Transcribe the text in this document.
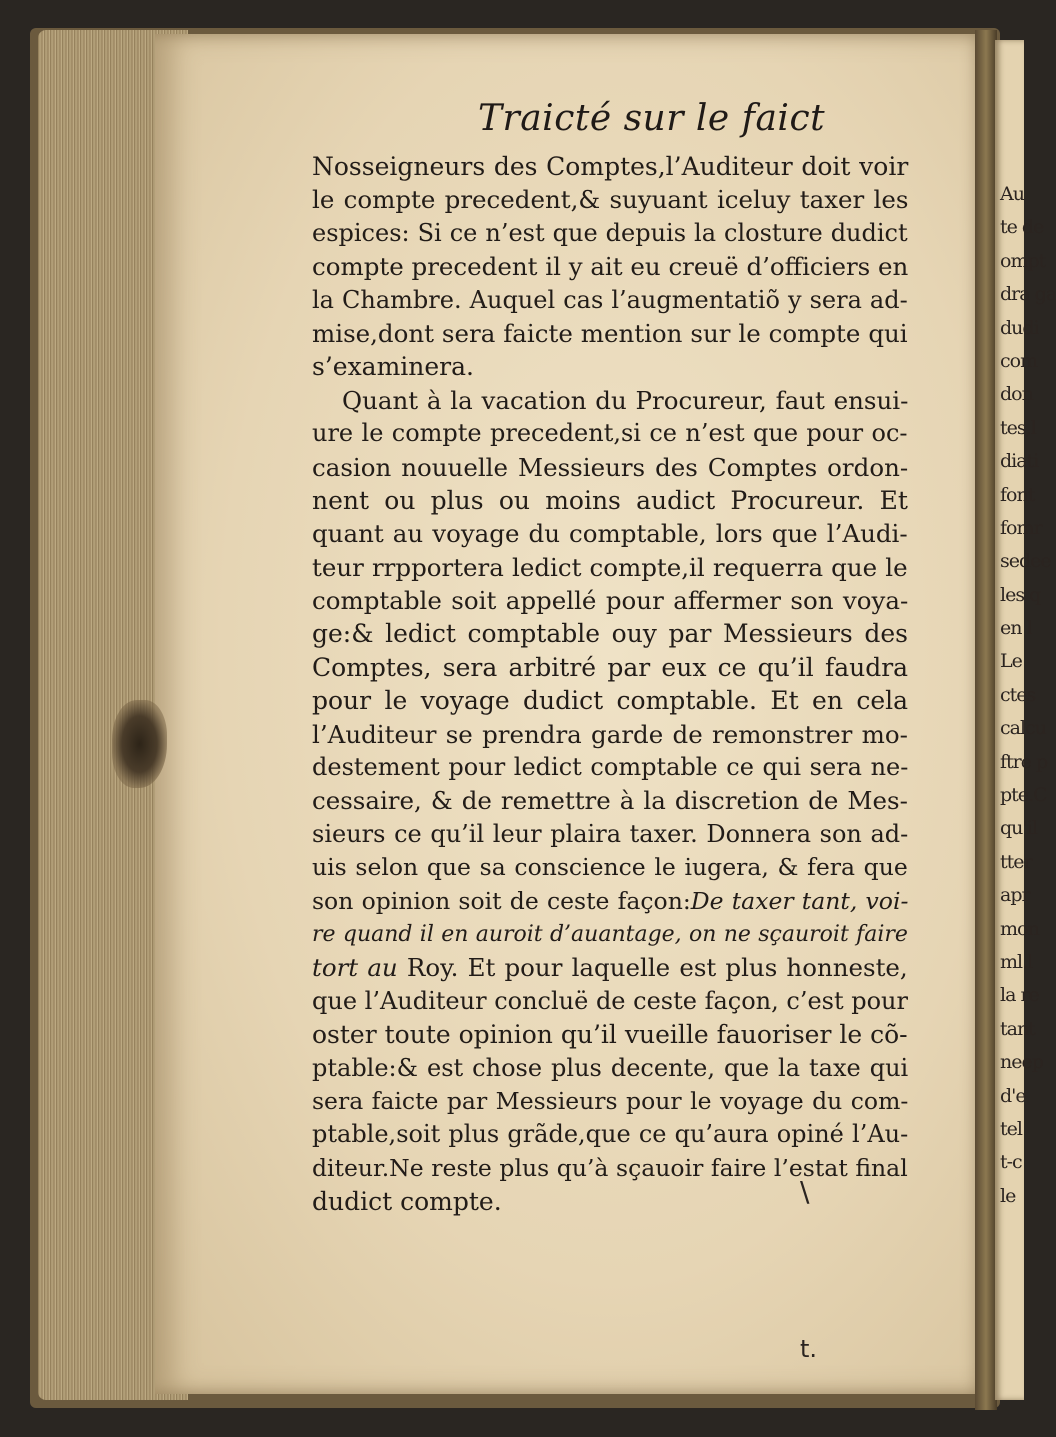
Au
te de
ompt
dra ga
dudi
com
don
tes,l
diati
font
fomr
sedee
les q
en l
Le
ctes
calcu
ftre p
pte.C
qu'il
tter
apr
mon
ml.l
la re
tant
neep
d'e
tel
t-c
le
Traicté sur le faict
Nosseigneurs des Comptes,l’Auditeur doit voir
le compte precedent,& suyuant iceluy taxer les
espices: Si ce n’est que depuis la closture dudict
compte precedent il y ait eu creuë d’officiers en
la Chambre. Auquel cas l’augmentatiõ y sera ad-
mise,dont sera faicte mention sur le compte qui
s’examinera.
Quant à la vacation du Procureur, faut ensui-
ure le compte precedent,si ce n’est que pour oc-
casion nouuelle Messieurs des Comptes ordon-
nent ou plus ou moins audict Procureur. Et
quant au voyage du comptable, lors que l’Audi-
teur rrpportera ledict compte,il requerra que le
comptable soit appellé pour affermer son voya-
ge:& ledict comptable ouy par Messieurs des
Comptes, sera arbitré par eux ce qu’il faudra
pour le voyage dudict comptable. Et en cela
l’Auditeur se prendra garde de remonstrer mo-
destement pour ledict comptable ce qui sera ne-
cessaire, & de remettre à la discretion de Mes-
sieurs ce qu’il leur plaira taxer. Donnera son ad-
uis selon que sa conscience le iugera, & fera que
son opinion soit de ceste façon:De taxer tant, voi-
re quand il en auroit d’auantage, on ne sçauroit faire
tort au Roy. Et pour laquelle est plus honneste,
que l’Auditeur concluë de ceste façon, c’est pour
oster toute opinion qu’il vueille fauoriser le cõ-
ptable:& est chose plus decente, que la taxe qui
sera faicte par Messieurs pour le voyage du com-
ptable,soit plus grãde,que ce qu’aura opiné l’Au-
diteur.Ne reste plus qu’à sçauoir faire l’estat final
dudict compte.	\
t.
